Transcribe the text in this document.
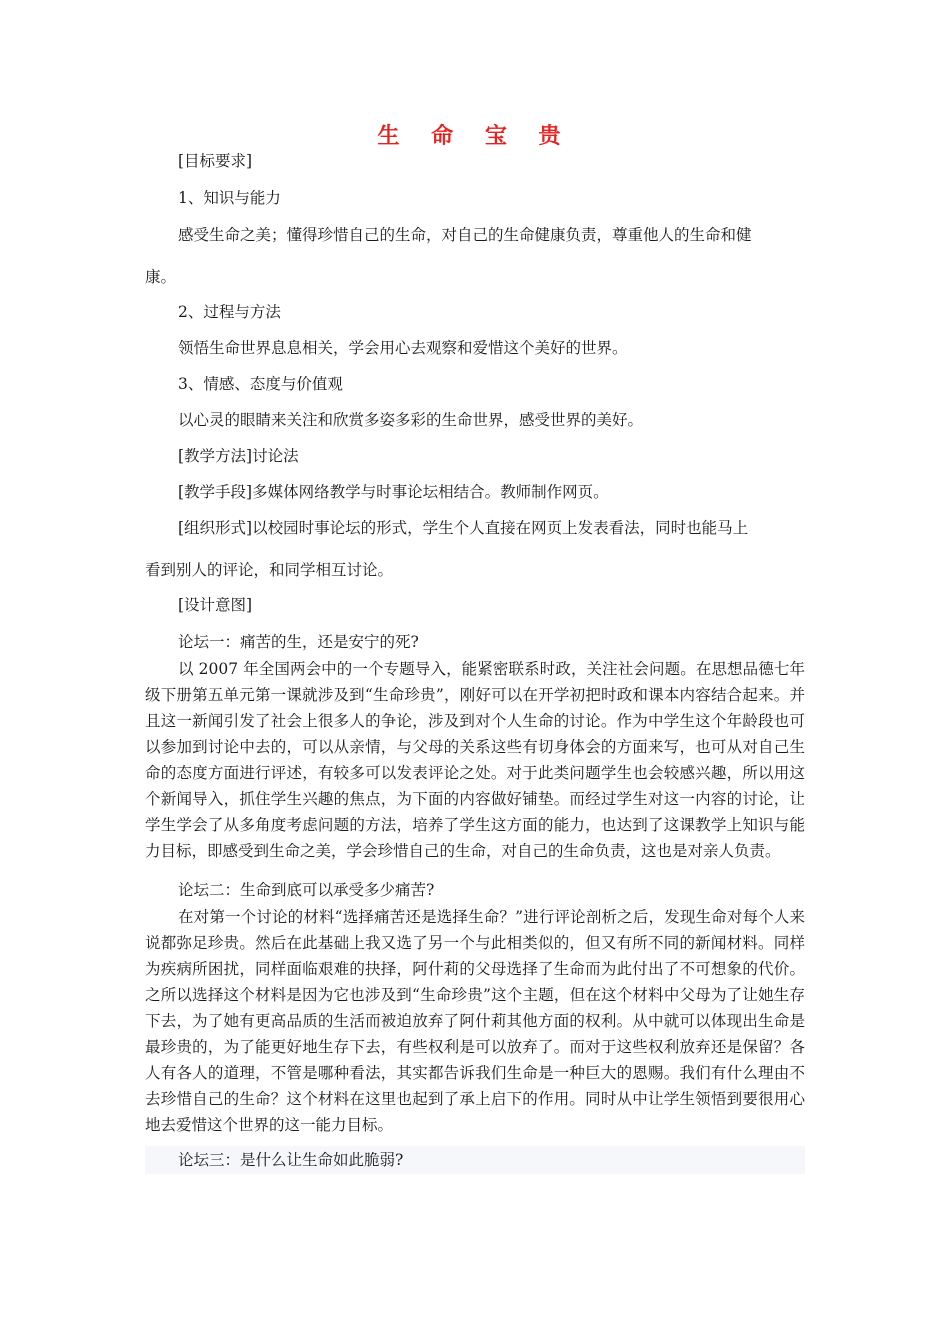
生 命 宝 贵
[目标要求]
1、知识与能力
感受生命之美；懂得珍惜自己的生命，对自己的生命健康负责，尊重他人的生命和健
康。
2、过程与方法
领悟生命世界息息相关，学会用心去观察和爱惜这个美好的世界。
3、情感、态度与价值观
以心灵的眼睛来关注和欣赏多姿多彩的生命世界，感受世界的美好。
[教学方法]讨论法
[教学手段]多媒体网络教学与时事论坛相结合。教师制作网页。
[组织形式]以校园时事论坛的形式，学生个人直接在网页上发表看法，同时也能马上
看到别人的评论，和同学相互讨论。
[设计意图]
论坛一：痛苦的生，还是安宁的死?

以 2007 年全国两会中的一个专题导入，能紧密联系时政，关注社会问题。在思想品德七年级下册第五单元第一课就涉及到“生命珍贵”，刚好可以在开学初把时政和课本内容结合起来。并且这一新闻引发了社会上很多人的争论，涉及到对个人生命的讨论。作为中学生这个年龄段也可以参加到讨论中去的，可以从亲情，与父母的关系这些有切身体会的方面来写，也可从对自己生命的态度方面进行评述，有较多可以发表评论之处。对于此类问题学生也会较感兴趣，所以用这个新闻导入，抓住学生兴趣的焦点，为下面的内容做好铺垫。而经过学生对这一内容的讨论，让学生学会了从多角度考虑问题的方法，培养了学生这方面的能力，也达到了这课教学上知识与能力目标，即感受到生命之美，学会珍惜自己的生命，对自己的生命负责，这也是对亲人负责。

论坛二：生命到底可以承受多少痛苦?

在对第一个讨论的材料“选择痛苦还是选择生命？”进行评论剖析之后，发现生命对每个人来说都弥足珍贵。然后在此基础上我又选了另一个与此相类似的，但又有所不同的新闻材料。同样为疾病所困扰，同样面临艰难的抉择，阿什莉的父母选择了生命而为此付出了不可想象的代价。之所以选择这个材料是因为它也涉及到“生命珍贵”这个主题，但在这个材料中父母为了让她生存下去，为了她有更高品质的生活而被迫放弃了阿什莉其他方面的权利。从中就可以体现出生命是最珍贵的，为了能更好地生存下去，有些权利是可以放弃了。而对于这些权利放弃还是保留？各人有各人的道理，不管是哪种看法，其实都告诉我们生命是一种巨大的恩赐。我们有什么理由不去珍惜自己的生命？这个材料在这里也起到了承上启下的作用。同时从中让学生领悟到要很用心地去爱惜这个世界的这一能力目标。

论坛三：是什么让生命如此脆弱?
